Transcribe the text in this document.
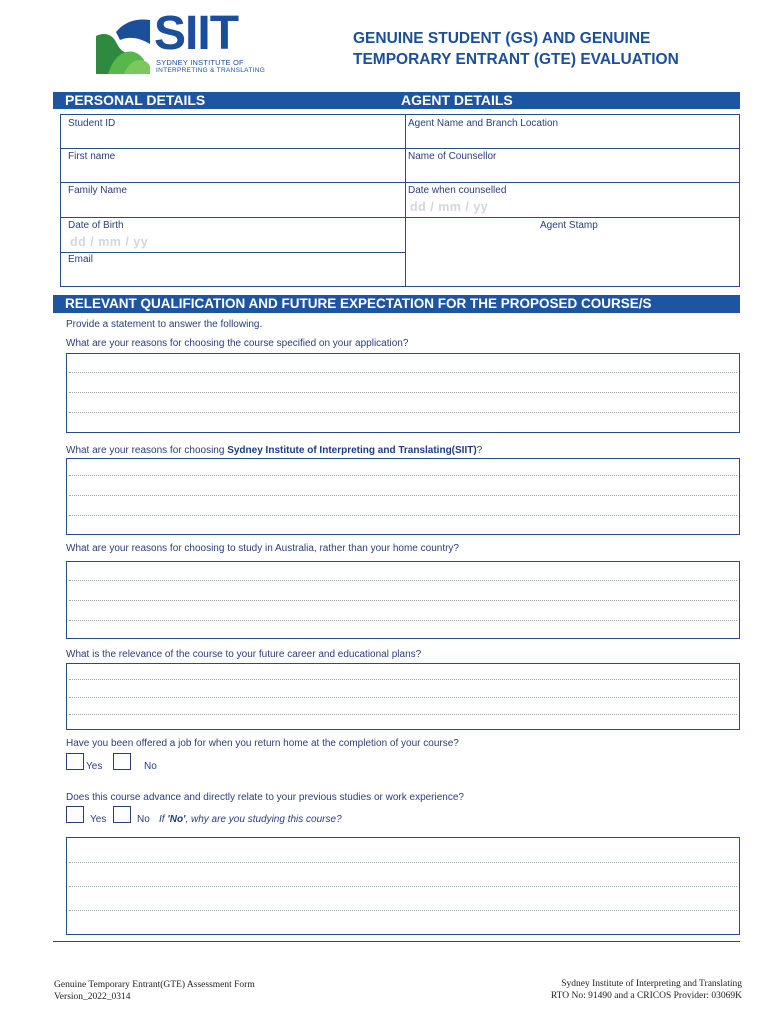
SIIT
SYDNEY INSTITUTE OF
INTERPRETING & TRANSLATING
GENUINE STUDENT (GS) AND GENUINE
TEMPORARY ENTRANT (GTE) EVALUATION
PERSONAL DETAILS	AGENT DETAILS
Student ID
First name
Family Name
Date of Birth
dd / mm / yy
Email
Agent Name and Branch Location
Name of Counsellor
Date when counselled
dd / mm / yy
Agent Stamp
RELEVANT QUALIFICATION AND FUTURE EXPECTATION FOR THE PROPOSED COURSE/S
Provide a statement to answer the following.
What are your reasons for choosing the course specified on your application?
What are your reasons for choosing Sydney Institute of Interpreting and Translating(SIIT)?
What are your reasons for choosing to study in Australia, rather than your home country?
What is the relevance of the course to your future career and educational plans?
Have you been offered a job for when you return home at the completion of your course?
Yes	No
Does this course advance and directly relate to your previous studies or work experience?
Yes	No If 'No', why are you studying this course?
Genuine Temporary Entrant(GTE) Assessment Form
Version_2022_0314
Sydney Institute of Interpreting and Translating
RTO No: 91490 and a CRICOS Provider: 03069K
